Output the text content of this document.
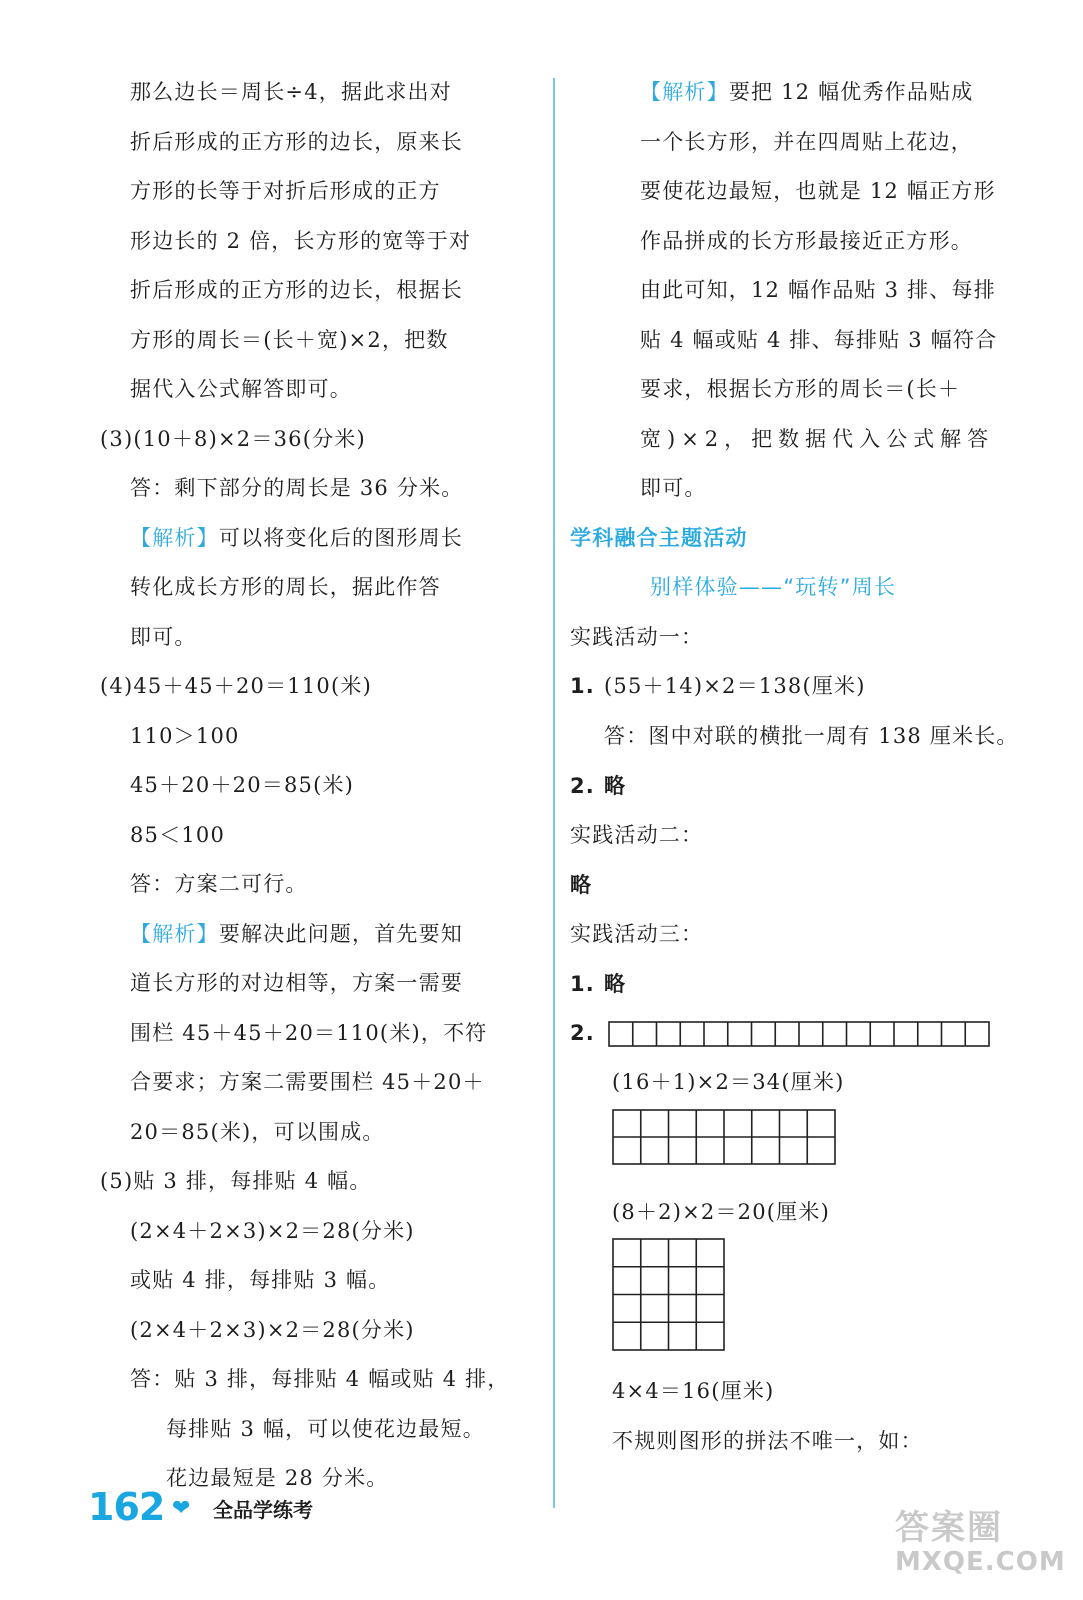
那么边长＝周长÷4，据此求出对
折后形成的正方形的边长，原来长
方形的长等于对折后形成的正方
形边长的 2 倍，长方形的宽等于对
折后形成的正方形的边长，根据长
方形的周长＝(长＋宽)×2，把数
据代入公式解答即可。
(3)(10＋8)×2＝36(分米)
答：剩下部分的周长是 36 分米。
【解析】可以将变化后的图形周长
转化成长方形的周长，据此作答
即可。
(4)45＋45＋20＝110(米)
110＞100
45＋20＋20＝85(米)
85＜100
答：方案二可行。
【解析】要解决此问题，首先要知
道长方形的对边相等，方案一需要
围栏 45＋45＋20＝110(米)，不符
合要求；方案二需要围栏 45＋20＋
20＝85(米)，可以围成。
(5)贴 3 排，每排贴 4 幅。
(2×4＋2×3)×2＝28(分米)
或贴 4 排，每排贴 3 幅。
(2×4＋2×3)×2＝28(分米)
答：贴 3 排，每排贴 4 幅或贴 4 排，
每排贴 3 幅，可以使花边最短。
花边最短是 28 分米。
【解析】要把 12 幅优秀作品贴成
一个长方形，并在四周贴上花边，
要使花边最短，也就是 12 幅正方形
作品拼成的长方形最接近正方形。
由此可知，12 幅作品贴 3 排、每排
贴 4 幅或贴 4 排、每排贴 3 幅符合
要求，根据长方形的周长＝(长＋
宽)×2，把数据代入公式解答
即可。
学科融合主题活动
别样体验——“玩转”周长
实践活动一：
1. (55＋14)×2＝138(厘米)
答：图中对联的横批一周有 138 厘米长。
2. 略
实践活动二：
略
实践活动三：
1. 略
2.
(16＋1)×2＝34(厘米)
(8＋2)×2＝20(厘米)
4×4＝16(厘米)
不规则图形的拼法不唯一，如：
162 ❤ 全品学练考	答案圈
MXQE.COM
